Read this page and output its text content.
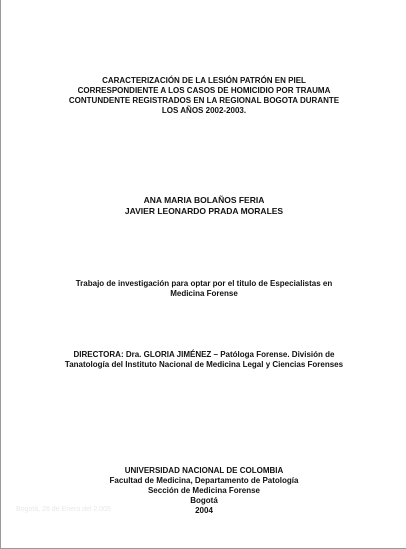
CARACTERIZACIÓN DE LA LESIÓN PATRÓN EN PIEL
CORRESPONDIENTE A LOS CASOS DE HOMICIDIO POR TRAUMA
CONTUNDENTE REGISTRADOS EN LA REGIONAL BOGOTA DURANTE
LOS AÑOS 2002-2003.
ANA MARIA BOLAÑOS FERIA
JAVIER LEONARDO PRADA MORALES
Trabajo de investigación para optar por el titulo de Especialistas en
Medicina Forense
DIRECTORA: Dra. GLORIA JIMÉNEZ – Patóloga Forense. División de
Tanatología del Instituto Nacional de Medicina Legal y Ciencias Forenses
UNIVERSIDAD NACIONAL DE COLOMBIA
Facultad de Medicina, Departamento de Patología
Sección de Medicina Forense
Bogotá
2004
Bogotá, 26 de Enero del 2.005
